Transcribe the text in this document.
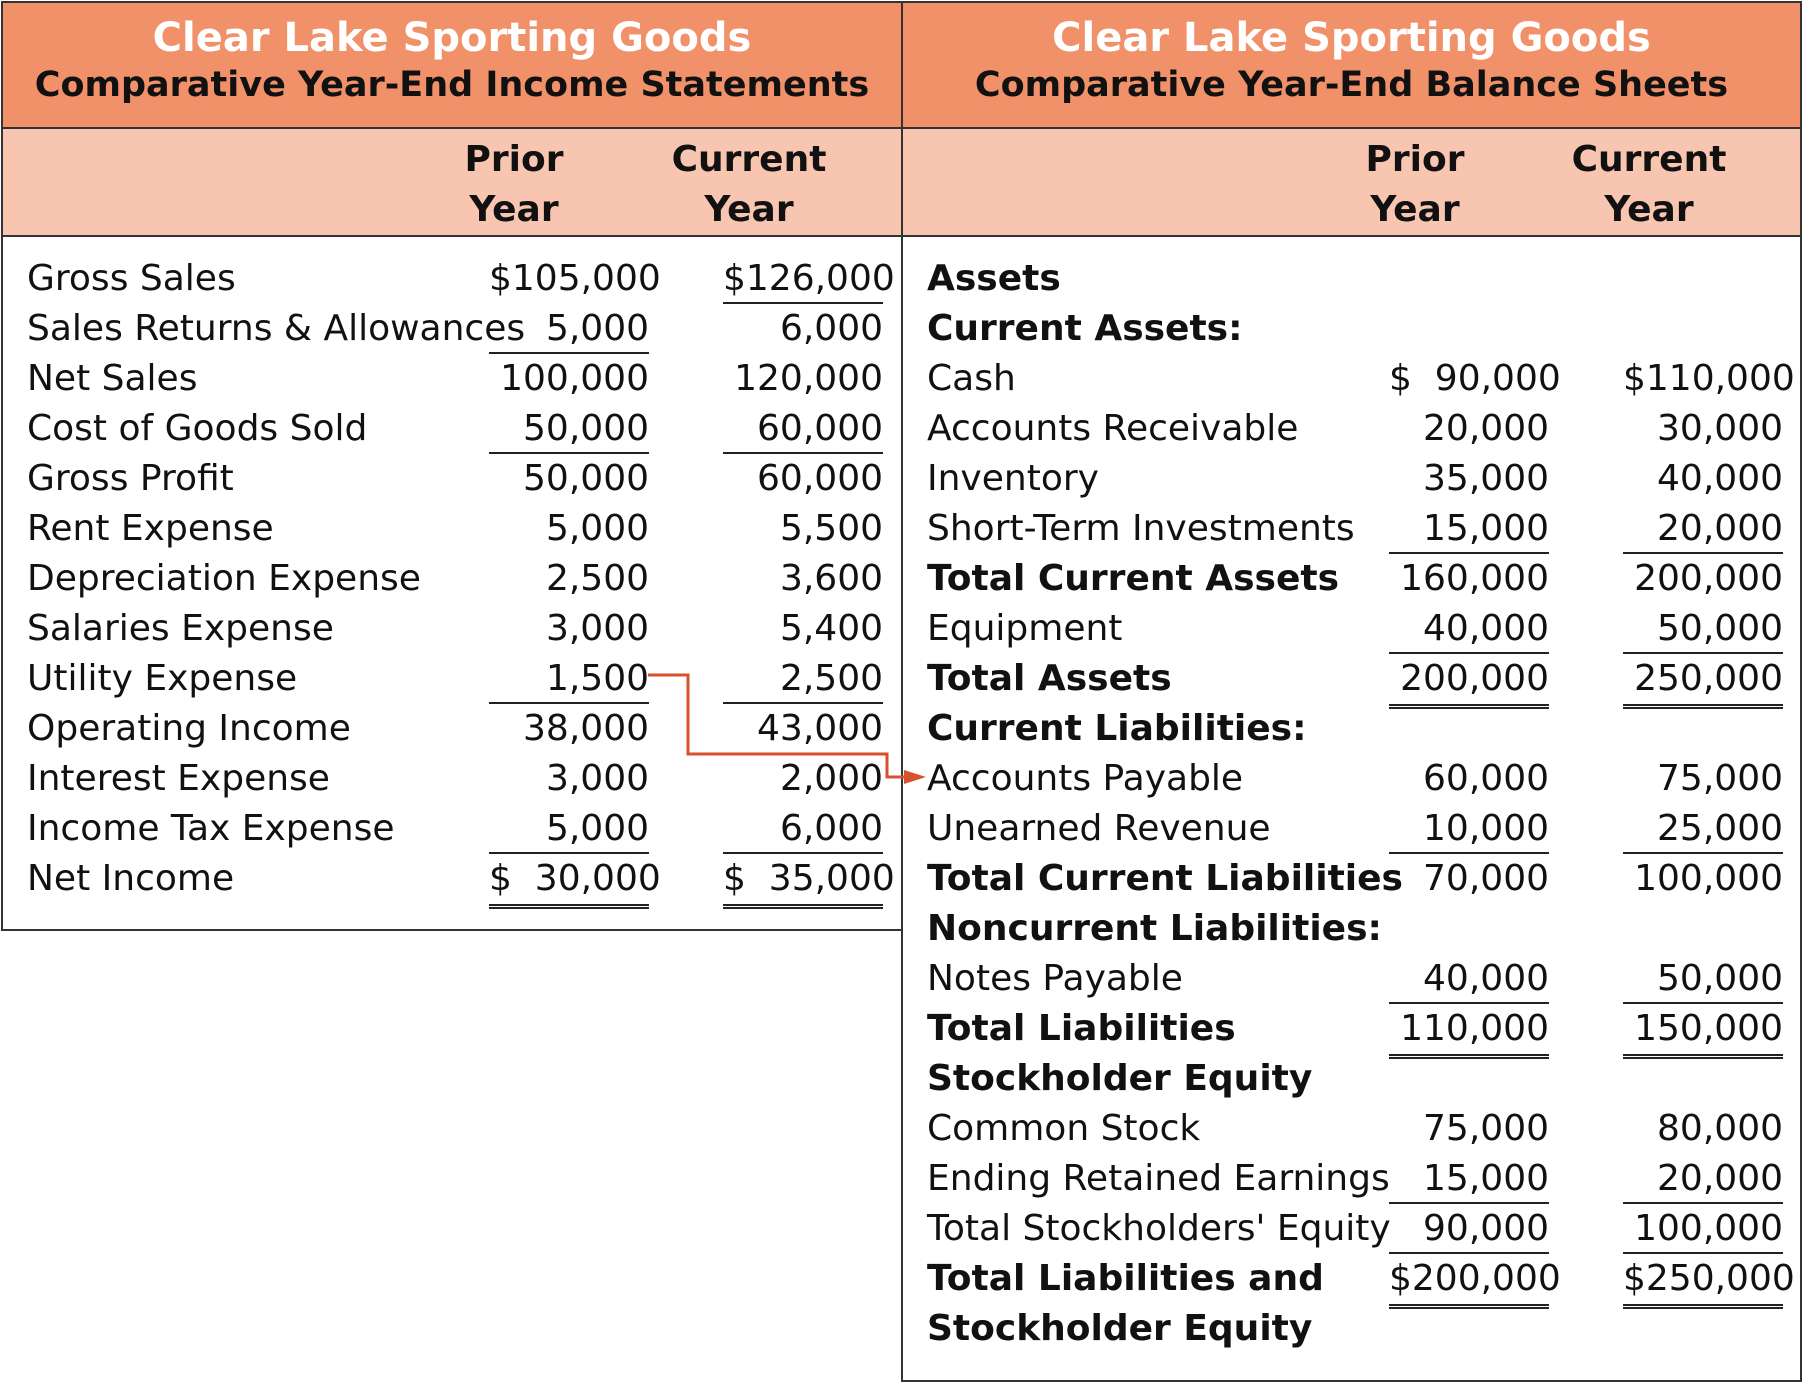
Clear Lake Sporting Goods
Comparative Year-End Income Statements
Prior
Year
Current
Year
Gross Sales	$105,000 $126,000
Sales Returns & Allowances 5,000	6,000
Net Sales	100,000	120,000
Cost of Goods Sold	50,000	60,000
Gross Profit	50,000	60,000
Rent Expense	5,000	5,500
Depreciation Expense	2,500	3,600
Salaries Expense	3,000	5,400
Utility Expense	1,500	2,500
Operating Income	38,000	43,000
Interest Expense	3,000	2,000
Income Tax Expense	5,000	6,000
Net Income	$  30,000 $  35,000
Clear Lake Sporting Goods
Comparative Year-End Balance Sheets
Prior
Year
Current
Year
Assets
Current Assets:
Cash	$  90,000 $110,000
Accounts Receivable	20,000	30,000
Inventory	35,000	40,000
Short-Term Investments	15,000	20,000
Total Current Assets	160,000	200,000
Equipment	40,000	50,000
Total Assets	200,000	250,000
Current Liabilities:
Accounts Payable	60,000	75,000
Unearned Revenue	10,000	25,000
Total Current Liabilities 70,000	100,000
Noncurrent Liabilities:
Notes Payable	40,000	50,000
Total Liabilities	110,000	150,000
Stockholder Equity
Common Stock	75,000	80,000
Ending Retained Earnings 15,000	20,000
Total Stockholders' Equity 90,000	100,000
Total Liabilities and $200,000 $250,000
Stockholder Equity
